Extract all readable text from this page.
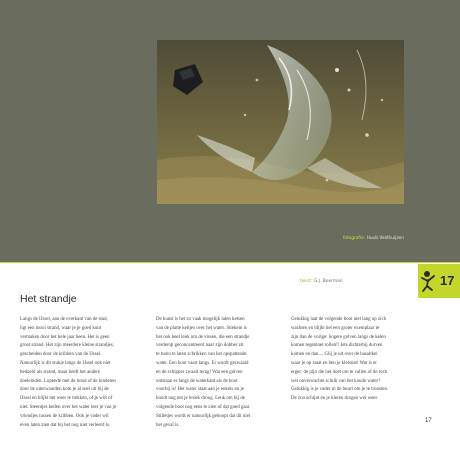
fotografie: Huub Veldhuijzen
tekst: G.J. Boerman	17
Het strandje
Langs de IJssel, aan de overkant van de stad,
ligt een mooi strand, waar je je goed kunt
vermaken door het hele jaar heen. Het is geen
groot strand. Het zijn meerdere kleine strandjes,
gescheiden door de kribben van de IJssel.
Natuurlijk is dit stukje langs de IJssel ook niet
bedoeld als strand, maar heeft het andere
doeleinden. Lopende met de hond of de kinderen
door de uiterwaarden kom je al snel uit bij de
IJssel en blijkt het weer te trekken, of je wilt of
niet. Steentjes keilen over het water leer je van je
vriendjes tussen de kribben. Ook je vader wil
even laten zien dat hij het nog niet verleerd is.
De kunst is het zo vaak mogelijk laten ketsen
van de platte keitjes over het water. Stiekem is
het ook heel leuk om de vissen, die een strandje
verderop geconcentreerd naar zijn dobber zit
te turen te laten schrikken van het opspattende
water. Een boot vaart langs. Er wordt gezwaaid
en de schipper zwaait terug! Wat een golven
ontstaan er langs de waterkant als de boot
voorbij is! Het water staat aan je enkels en je
houdt nog net je broek droog. Leuk om bij de
volgende boot nog eens te zien of dat goed gaat.
Stilletjes wordt er natuurlijk gehoopt dat dit niet
het geval is.
Gelukkig laat de volgende boot niet lang op zich
wachten en blijkt het een groter exemplaar te
zijn dan de vorige: hogere golven langs de kelen
komen tegemoet rollen!! Iets dichterbij durven
komen en dan.... Glij je uit over de basaltkei
waar je op staat en ben je kletsnat! Wat is er
erger: de pijn die het doet om te vallen of de toch
wel onverwachte schrik van het koude water?
Gelukkig is je vader in de buurt om je te troosten.
De zon schijnt en je kleren drogen wel weer.
17
